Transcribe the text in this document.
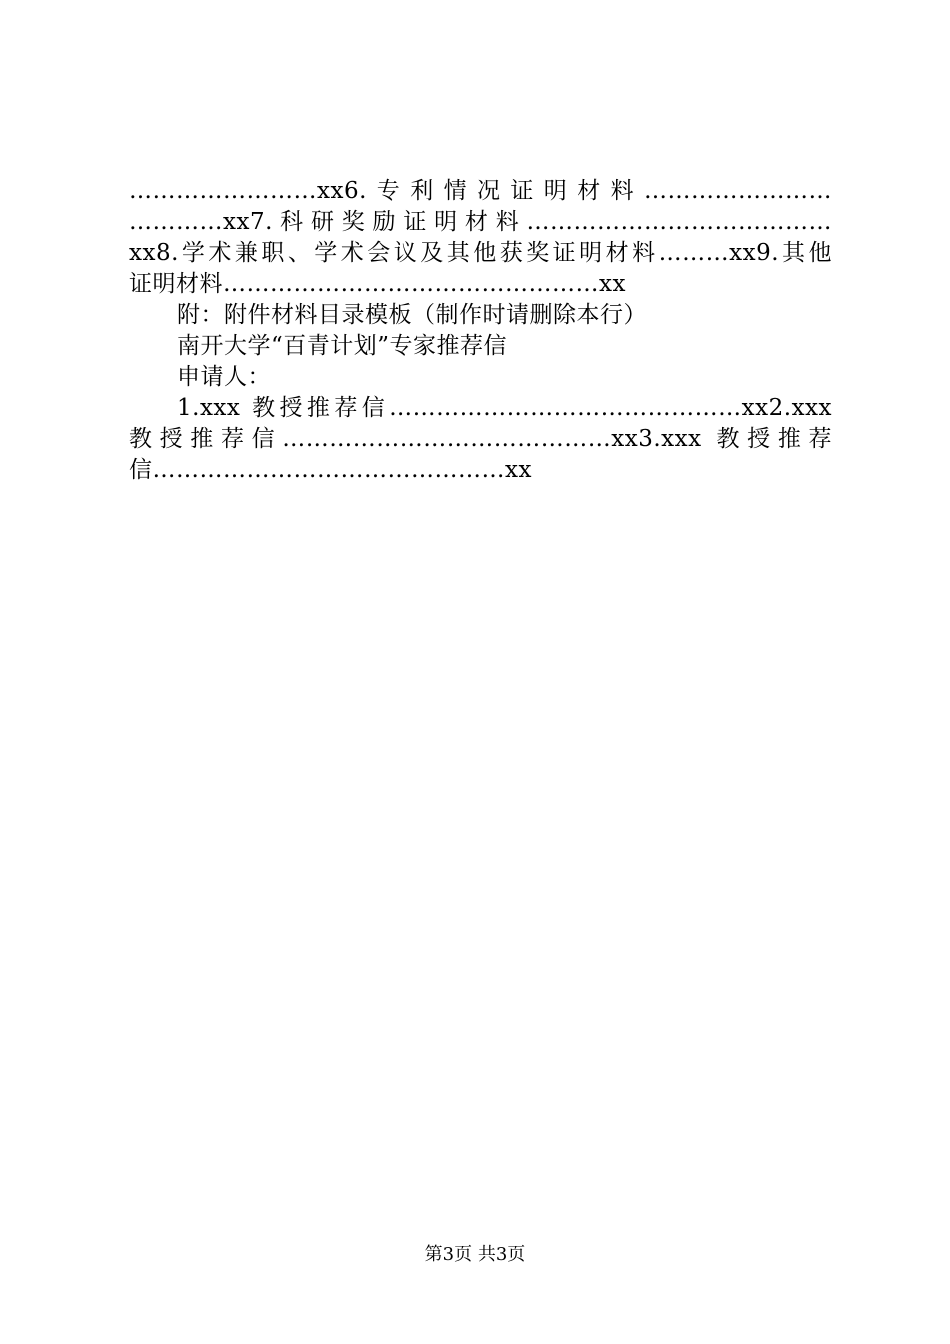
……………………xx6.专利情况证明材料……………………
…………xx7.科研奖励证明材料…………………………………
xx8.学术兼职、学术会议及其他获奖证明材料………xx9.其他
证明材料…………………………………………xx
附：附件材料目录模板（制作时请删除本行）
南开大学“百青计划”专家推荐信
申请人：
1.xxx 教授推荐信………………………………………xx2.xxx
教授推荐信……………………………………xx3.xxx 教授推荐
信………………………………………xx
第3页 共3页
